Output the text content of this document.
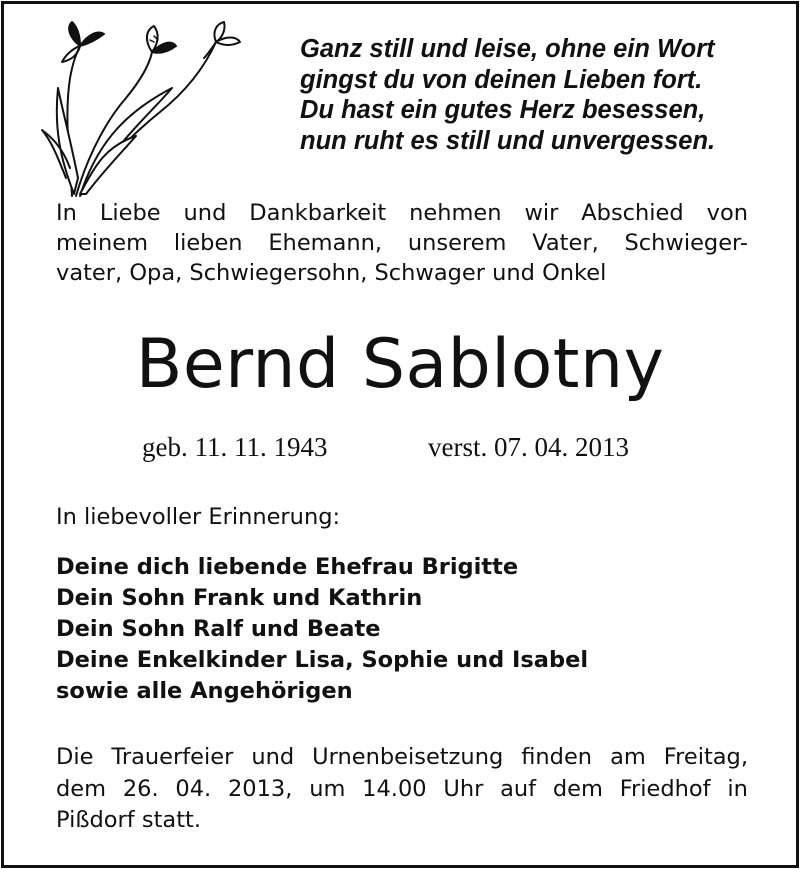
Ganz still und leise, ohne ein Wort
gingst du von deinen Lieben fort.
Du hast ein gutes Herz besessen,
nun ruht es still und unvergessen.
In Liebe und Dankbarkeit nehmen wir Abschied von
meinem lieben Ehemann, unserem Vater, Schwieger-
vater, Opa, Schwiegersohn, Schwager und Onkel
Bernd Sablotny
geb. 11. 11. 1943	verst. 07. 04. 2013
In liebevoller Erinnerung:
Deine dich liebende Ehefrau Brigitte
Dein Sohn Frank und Kathrin
Dein Sohn Ralf und Beate
Deine Enkelkinder Lisa, Sophie und Isabel
sowie alle Angehörigen
Die Trauerfeier und Urnenbeisetzung finden am Freitag,
dem 26. 04. 2013, um 14.00 Uhr auf dem Friedhof in
Pißdorf statt.
